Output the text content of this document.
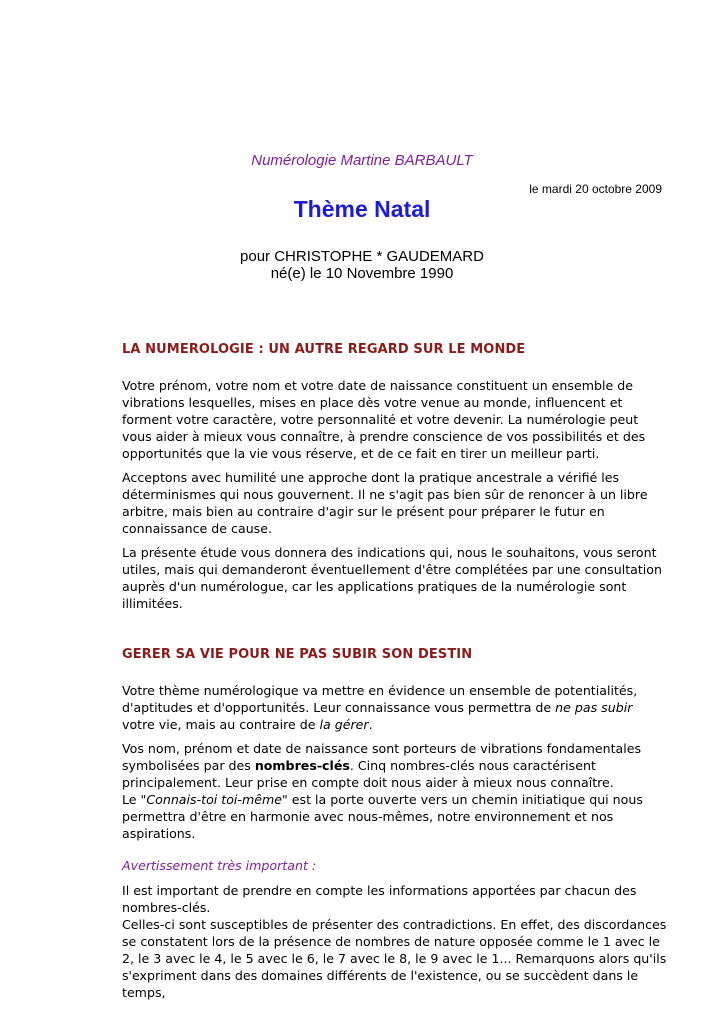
Numérologie Martine BARBAULT
le mardi 20 octobre 2009
Thème Natal
pour CHRISTOPHE * GAUDEMARD
né(e) le 10 Novembre 1990
LA NUMEROLOGIE : UN AUTRE REGARD SUR LE MONDE

Votre prénom, votre nom et votre date de naissance constituent un ensemble de vibrations lesquelles, mises en place dès votre venue au monde, influencent et forment votre caractère, votre personnalité et votre devenir. La numérologie peut vous aider à mieux vous connaître, à prendre conscience de vos possibilités et des opportunités que la vie vous réserve, et de ce fait en tirer un meilleur parti.

Acceptons avec humilité une approche dont la pratique ancestrale a vérifié les déterminismes qui nous gouvernent. Il ne s'agit pas bien sûr de renoncer à un libre arbitre, mais bien au contraire d'agir sur le présent pour préparer le futur en connaissance de cause.

La présente étude vous donnera des indications qui, nous le souhaitons, vous seront utiles, mais qui demanderont éventuellement d'être complétées par une consultation auprès d'un numérologue, car les applications pratiques de la numérologie sont illimitées.

GERER SA VIE POUR NE PAS SUBIR SON DESTIN

Votre thème numérologique va mettre en évidence un ensemble de potentialités, d'aptitudes et d'opportunités. Leur connaissance vous permettra de ne pas subir votre vie, mais au contraire de la gérer.

Vos nom, prénom et date de naissance sont porteurs de vibrations fondamentales symbolisées par des nombres-clés. Cinq nombres-clés nous caractérisent principalement. Leur prise en compte doit nous aider à mieux nous connaître.
Le "Connais-toi toi-même" est la porte ouverte vers un chemin initiatique qui nous permettra d'être en harmonie avec nous-mêmes, notre environnement et nos aspirations.

Avertissement très important :

Il est important de prendre en compte les informations apportées par chacun des nombres-clés.
Celles-ci sont susceptibles de présenter des contradictions. En effet, des discordances se constatent lors de la présence de nombres de nature opposée comme le 1 avec le 2, le 3 avec le 4, le 5 avec le 6, le 7 avec le 8, le 9 avec le 1... Remarquons alors qu'ils s'expriment dans des domaines différents de l'existence, ou se succèdent dans le temps,
